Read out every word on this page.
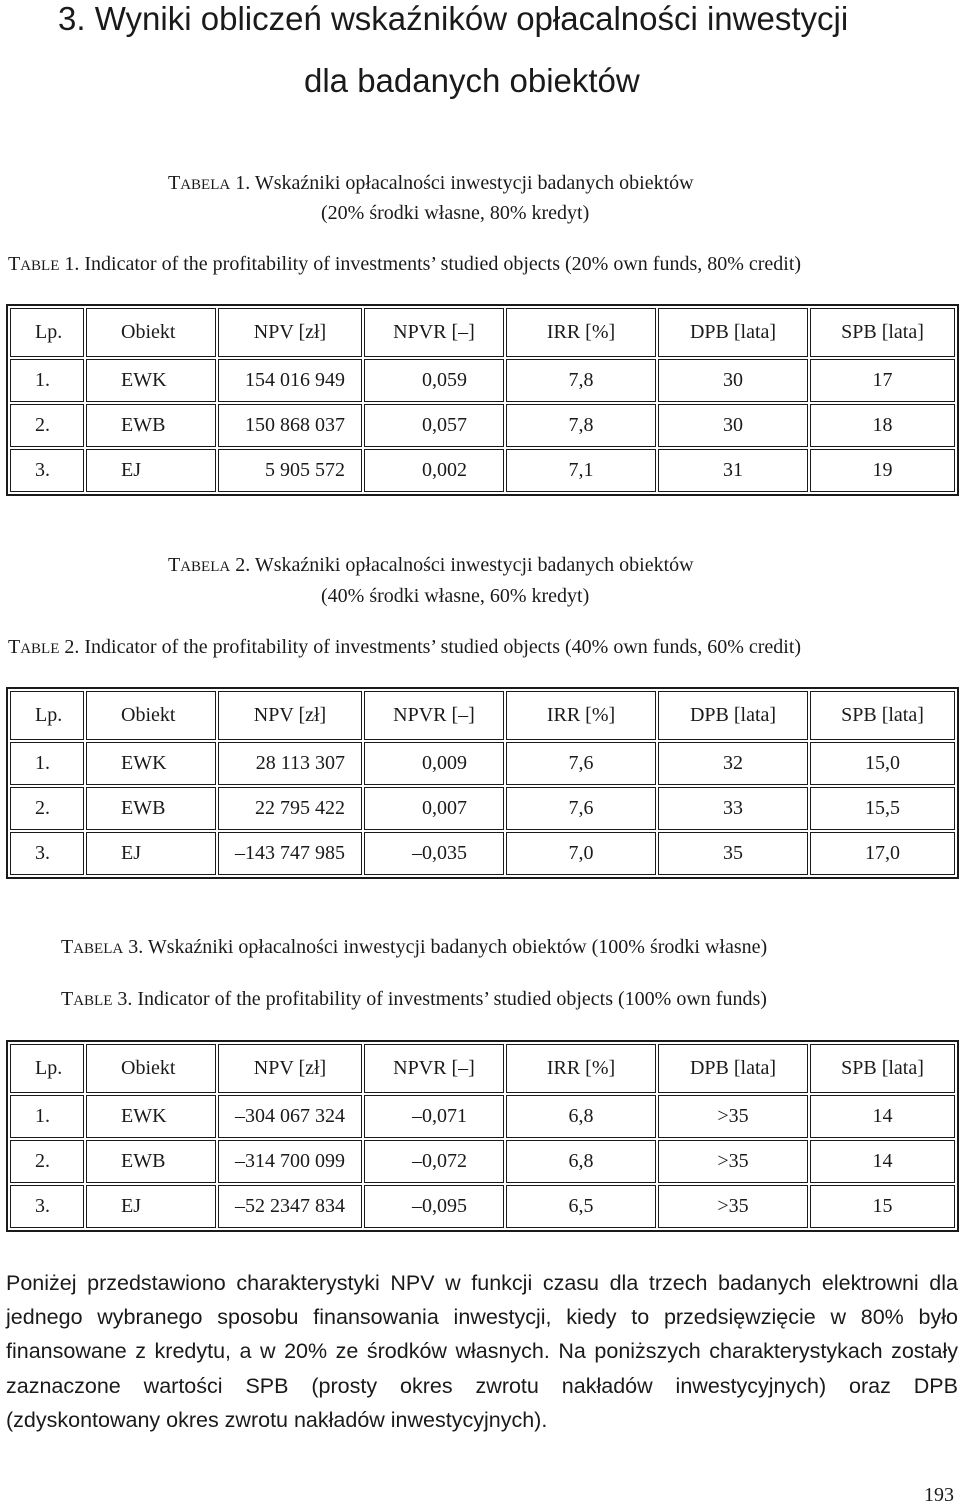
3. Wyniki obliczeń wskaźników opłacalności inwestycji
dla badanych obiektów
TABELA 1. Wskaźniki opłacalności inwestycji badanych obiektów
(20% środki własne, 80% kredyt)
TABLE 1. Indicator of the profitability of investments’ studied objects (20% own funds, 80% credit)
Lp.	Obiekt	NPV [zł]	NPVR [–]	IRR [%]	DPB [lata]	SPB [lata]
1.	EWK	154 016 949	0,059	7,8	30	17
2.	EWB	150 868 037	0,057	7,8	30	18
3.	EJ	5 905 572	0,002	7,1	31	19
TABELA 2. Wskaźniki opłacalności inwestycji badanych obiektów
(40% środki własne, 60% kredyt)
TABLE 2. Indicator of the profitability of investments’ studied objects (40% own funds, 60% credit)
Lp.	Obiekt	NPV [zł]	NPVR [–]	IRR [%]	DPB [lata]	SPB [lata]
1.	EWK	28 113 307	0,009	7,6	32	15,0
2.	EWB	22 795 422	0,007	7,6	33	15,5
3.	EJ	–143 747 985	–0,035	7,0	35	17,0
TABELA 3. Wskaźniki opłacalności inwestycji badanych obiektów (100% środki własne)
TABLE 3. Indicator of the profitability of investments’ studied objects (100% own funds)
Lp.	Obiekt	NPV [zł]	NPVR [–]	IRR [%]	DPB [lata]	SPB [lata]
1.	EWK	–304 067 324	–0,071	6,8	>35	14
2.	EWB	–314 700 099	–0,072	6,8	>35	14
3.	EJ	–52 2347 834	–0,095	6,5	>35	15

Poniżej przedstawiono charakterystyki NPV w funkcji czasu dla trzech badanych elektrowni dla jednego wybranego sposobu finansowania inwestycji, kiedy to przedsięwzięcie w 80% było finansowane z kredytu, a w 20% ze środków własnych. Na poniższych charakterystykach zostały zaznaczone wartości SPB (prosty okres zwrotu nakładów inwestycyjnych) oraz DPB (zdyskontowany okres zwrotu nakładów inwestycyjnych).

193
